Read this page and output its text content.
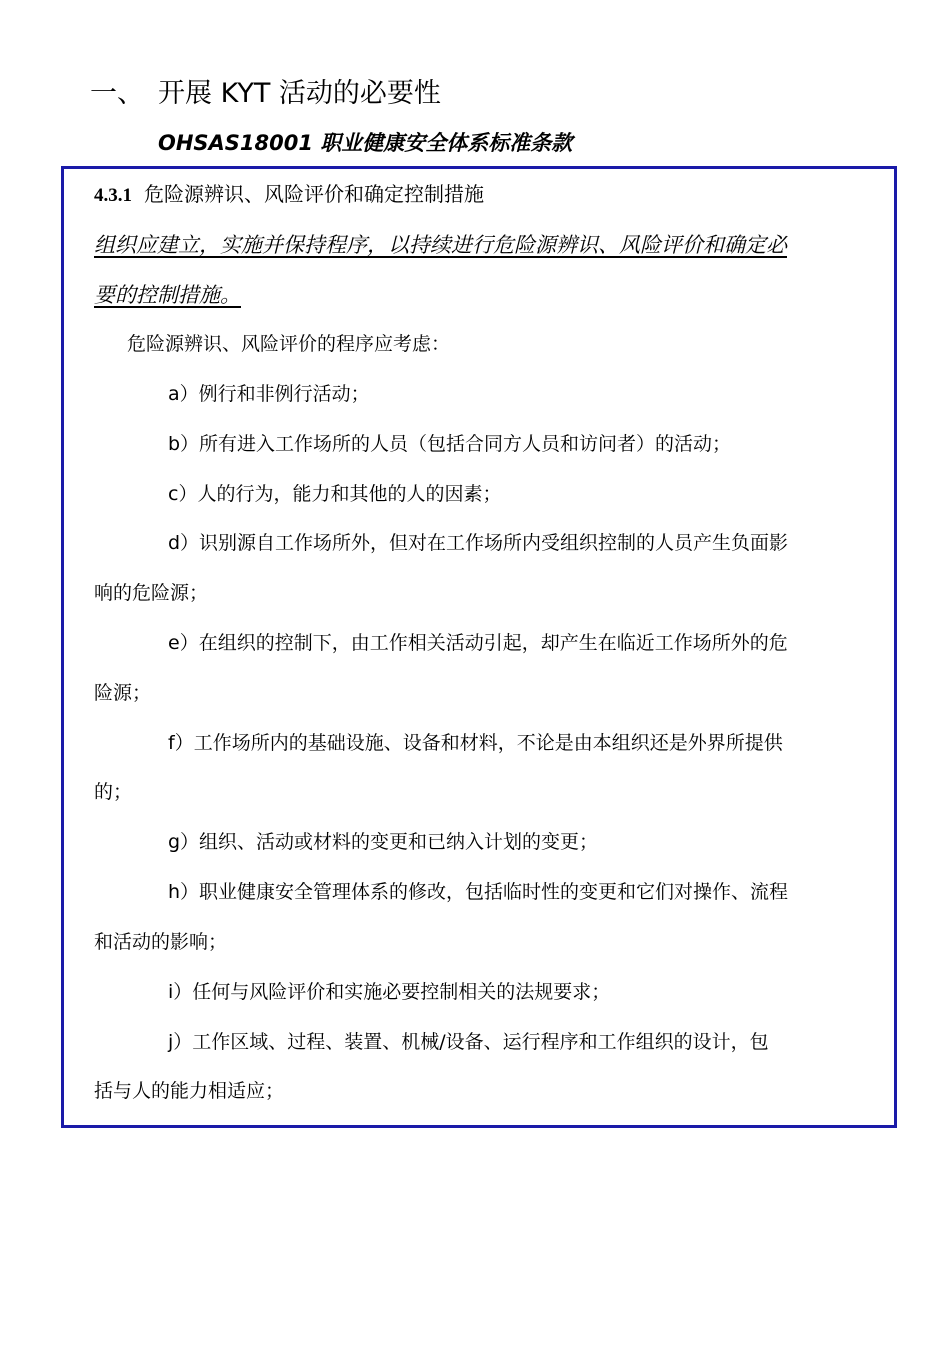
一、 开展 KYT 活动的必要性
OHSAS18001 职业健康安全体系标准条款
4.3.1 危险源辨识、风险评价和确定控制措施
组织应建立，实施并保持程序，以持续进行危险源辨识、风险评价和确定必
要的控制措施。
危险源辨识、风险评价的程序应考虑：
a）例行和非例行活动；
b）所有进入工作场所的人员（包括合同方人员和访问者）的活动；
c）人的行为，能力和其他的人的因素；
d）识别源自工作场所外，但对在工作场所内受组织控制的人员产生负面影
响的危险源；
e）在组织的控制下，由工作相关活动引起，却产生在临近工作场所外的危
险源；
f）工作场所内的基础设施、设备和材料，不论是由本组织还是外界所提供
的；
g）组织、活动或材料的变更和已纳入计划的变更；
h）职业健康安全管理体系的修改，包括临时性的变更和它们对操作、流程
和活动的影响；
i）任何与风险评价和实施必要控制相关的法规要求；
j）工作区域、过程、装置、机械/设备、运行程序和工作组织的设计，包
括与人的能力相适应；
